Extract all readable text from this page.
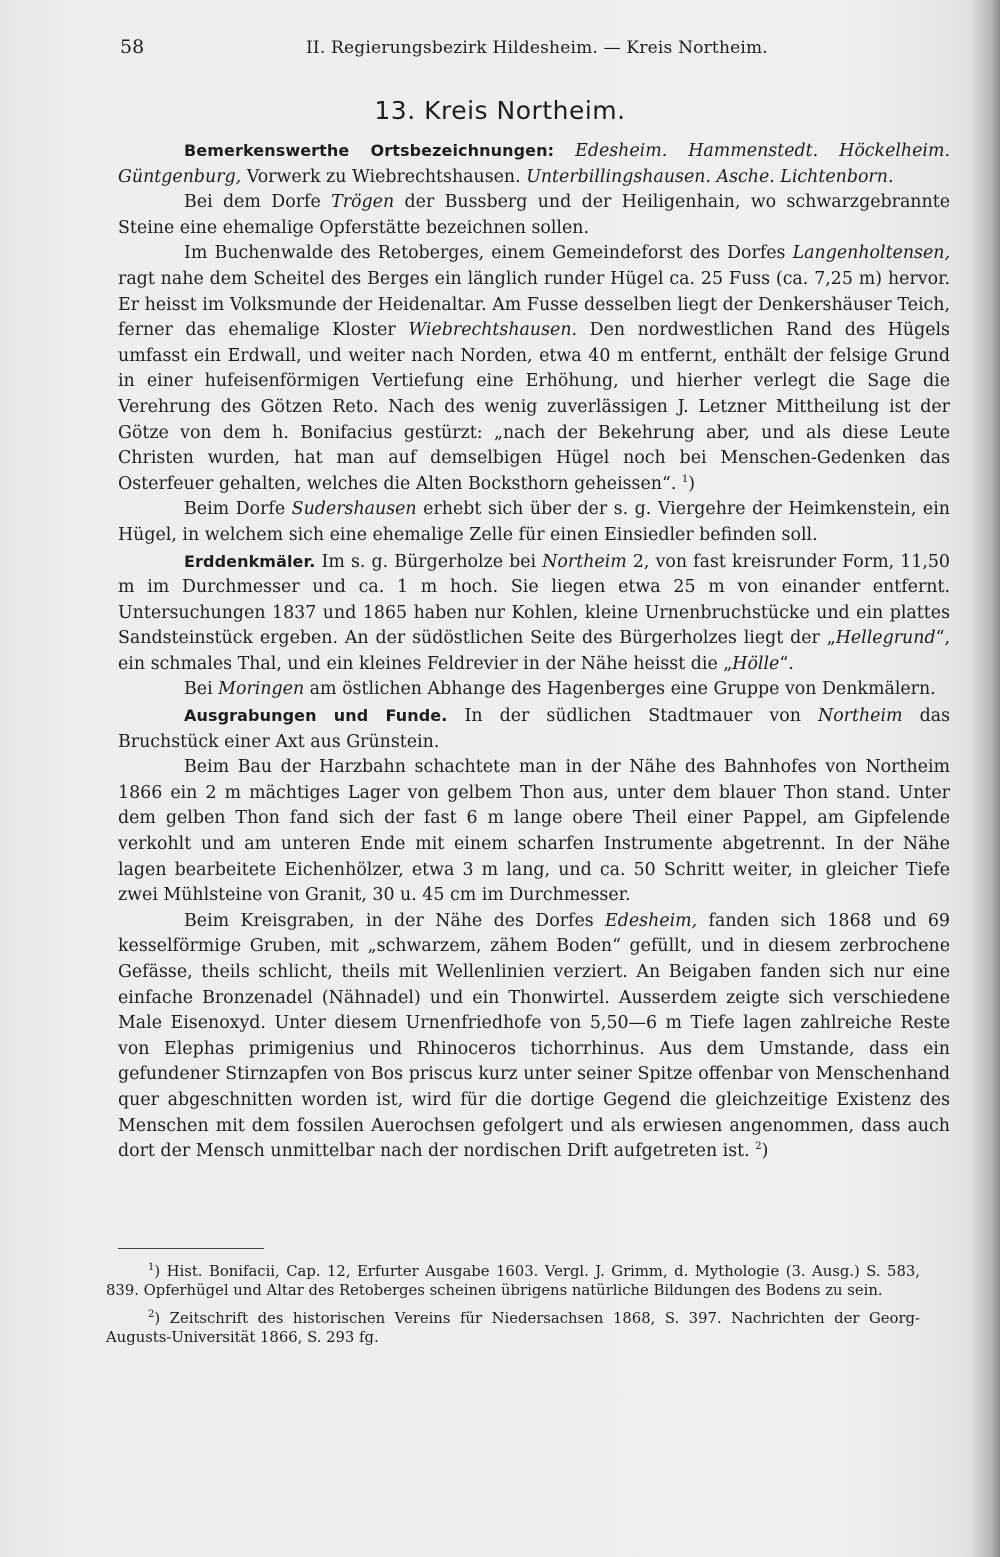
58	II. Regierungsbezirk Hildesheim. — Kreis Northeim.
13. Kreis Northeim.

Bemerkenswerthe Ortsbezeichnungen: Edesheim. Hammenstedt. Höckelheim. Güntgenburg, Vorwerk zu Wiebrechtshausen. Unterbillingshausen. Asche. Lichtenborn.

Bei dem Dorfe Trögen der Bussberg und der Heiligenhain, wo schwarzgebrannte Steine eine ehemalige Opferstätte bezeichnen sollen.

Im Buchenwalde des Retoberges, einem Gemeindeforst des Dorfes Langenholtensen, ragt nahe dem Scheitel des Berges ein länglich runder Hügel ca. 25 Fuss (ca. 7,25 m) hervor. Er heisst im Volksmunde der Heidenaltar. Am Fusse desselben liegt der Denkershäuser Teich, ferner das ehemalige Kloster Wiebrechtshausen. Den nordwestlichen Rand des Hügels umfasst ein Erdwall, und weiter nach Norden, etwa 40 m entfernt, enthält der felsige Grund in einer hufeisenförmigen Vertiefung eine Erhöhung, und hierher verlegt die Sage die Verehrung des Götzen Reto. Nach des wenig zuverlässigen J. Letzner Mittheilung ist der Götze von dem h. Bonifacius gestürzt: „nach der Bekehrung aber, und als diese Leute Christen wurden, hat man auf demselbigen Hügel noch bei Menschen-Gedenken das Osterfeuer gehalten, welches die Alten Bocksthorn geheissen“. $^1$)

Beim Dorfe Sudershausen erhebt sich über der s. g. Viergehre der Heimkenstein, ein Hügel, in welchem sich eine ehemalige Zelle für einen Einsiedler befinden soll.

Erddenkmäler. Im s. g. Bürgerholze bei Northeim 2, von fast kreisrunder Form, 11,50 m im Durchmesser und ca. 1 m hoch. Sie liegen etwa 25 m von einander entfernt. Untersuchungen 1837 und 1865 haben nur Kohlen, kleine Urnenbruchstücke und ein plattes Sandsteinstück ergeben. An der südöstlichen Seite des Bürgerholzes liegt der „Hellegrund“, ein schmales Thal, und ein kleines Feldrevier in der Nähe heisst die „Hölle“.

Bei Moringen am östlichen Abhange des Hagenberges eine Gruppe von Denkmälern.

Ausgrabungen und Funde. In der südlichen Stadtmauer von Northeim das Bruchstück einer Axt aus Grünstein.

Beim Bau der Harzbahn schachtete man in der Nähe des Bahnhofes von Northeim 1866 ein 2 m mächtiges Lager von gelbem Thon aus, unter dem blauer Thon stand. Unter dem gelben Thon fand sich der fast 6 m lange obere Theil einer Pappel, am Gipfelende verkohlt und am unteren Ende mit einem scharfen Instrumente abgetrennt. In der Nähe lagen bearbeitete Eichenhölzer, etwa 3 m lang, und ca. 50 Schritt weiter, in gleicher Tiefe zwei Mühlsteine von Granit, 30 u. 45 cm im Durchmesser.

Beim Kreisgraben, in der Nähe des Dorfes Edesheim, fanden sich 1868 und 69 kesselförmige Gruben, mit „schwarzem, zähem Boden“ gefüllt, und in diesem zerbrochene Gefässe, theils schlicht, theils mit Wellenlinien verziert. An Beigaben fanden sich nur eine einfache Bronzenadel (Nähnadel) und ein Thonwirtel. Ausserdem zeigte sich verschiedene Male Eisenoxyd. Unter diesem Urnenfriedhofe von 5,50—6 m Tiefe lagen zahlreiche Reste von Elephas primigenius und Rhinoceros tichorrhinus. Aus dem Umstande, dass ein gefundener Stirnzapfen von Bos priscus kurz unter seiner Spitze offenbar von Menschenhand quer abgeschnitten worden ist, wird für die dortige Gegend die gleichzeitige Existenz des Menschen mit dem fossilen Auerochsen gefolgert und als erwiesen angenommen, dass auch dort der Mensch unmittelbar nach der nordischen Drift aufgetreten ist. $^2$)

$^1$) Hist. Bonifacii, Cap. 12, Erfurter Ausgabe 1603. Vergl. J. Grimm, d. Mythologie (3. Ausg.) S. 583, 839. Opferhügel und Altar des Retoberges scheinen übrigens natürliche Bildungen des Bodens zu sein.

$^2$) Zeitschrift des historischen Vereins für Niedersachsen 1868, S. 397. Nachrichten der Georg-Augusts-Universität 1866, S. 293 fg.
